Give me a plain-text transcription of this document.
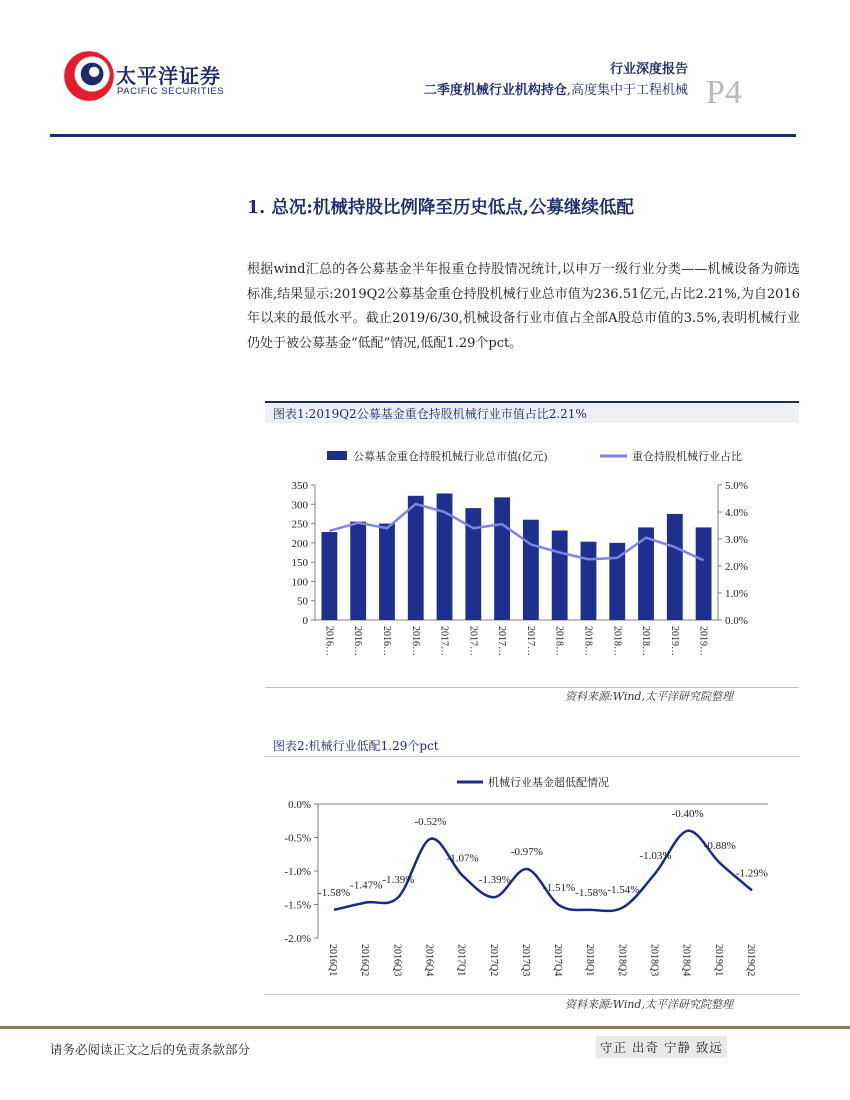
太平洋证券
PACIFIC SECURITIES
行业深度报告
二季度机械行业机构持仓,高度集中于工程机械 P4
1. 总况:机械持股比例降至历史低点,公募继续低配
根据wind汇总的各公募基金半年报重仓持股情况统计,以申万一级行业分类——机械设备为筛选标准,结果显示:2019Q2公募基金重仓持股机械行业总市值为236.51亿元,占比2.21%,为自2016年以来的最低水平。截止2019/6/30,机械设备行业市值占全部A股总市值的3.5%,表明机械行业仍处于被公募基金“低配”情况,低配1.29个pct。
图表1:2019Q2公募基金重仓持股机械行业市值占比2.21%
公募基金重仓持股机械行业总市值(亿元)	重仓持股机械行业占比
0
50
100
150
200
250
300
350
0.0%
1.0%
2.0%
3.0%
4.0%
5.0%
2016… 2016… 2016… 2016… 2017… 2017… 2017… 2017… 2018… 2018… 2018… 2018… 2019… 2019…
资料来源:Wind,太平洋研究院整理
图表2:机械行业低配1.29个pct
机械行业基金超低配情况
0.0%
-0.5%
-1.0%
-1.5%
-2.0%
-1.58%
2016Q1
-1.47%
2016Q2
-1.39%
2016Q3
-0.52%
2016Q4
-1.07%
2017Q1
-1.39%
2017Q2
-0.97%
2017Q3
-1.51%
2017Q4
-1.58%
2018Q1
-1.54%
2018Q2
-1.03%
2018Q3
-0.40%
2018Q4
-0.88%
2019Q1
-1.29%
2019Q2
资料来源:Wind,太平洋研究院整理
请务必阅读正文之后的免责条款部分	守正 出奇 宁静 致远
